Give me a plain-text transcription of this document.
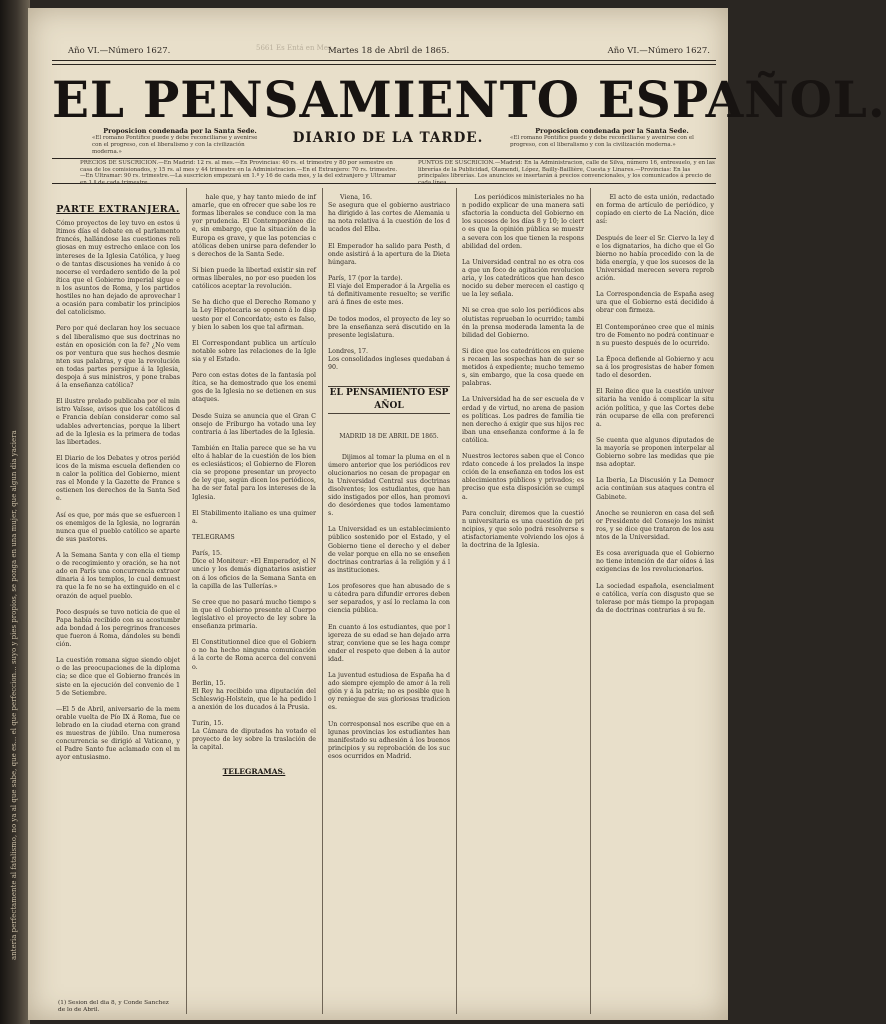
anteria perfectamente al fatalismo, no ya al que sabe, que es... el que perfeccion... suyo y pies propios, se ponga en una mujer, que algun dia yaciera
Año VI.—Número 1627.	5661 Es Entá en Mes....
Martes 18 de Abril de 1865.	Año VI.—Número 1627.
EL PENSAMIENTO ESPAÑOL.
Proposicion condenada por la Santa Sede.
«El romano Pontífice puede y debe reconciliarse y avenirse con el progreso, con el liberalismo y con la civilización moderna.»
DIARIO DE LA TARDE.	Proposicion condenada por la Santa Sede.
«El romano Pontífice puede y debe reconciliarse y avenirse con el progreso, con el liberalismo y con la civilización moderna.»
PRECIOS DE SUSCRICION.—En Madrid: 12 rs. al mes.—En Provincias: 40 rs. el trimestre y 80 por semestre en casa de los comisionados, y 15 rs. al mes y 44 trimestre en la Administracion.—En el Extranjero: 70 rs. trimestre.—En Ultramar: 90 rs. trimestre.—La suscricion empezará en 1.º y 16 de cada mes, y la del extranjero y Ultramar en 1.º de cada trimestre.
PUNTOS DE SUSCRICION.—Madrid: En la Administracion, calle de Silva, número 16, entresuelo, y en las librerías de la Publicidad, Olamendi, López, Bailly-Baillière, Cuesta y Linares.—Provincias: En las principales librerías. Los anuncios se insertarán á precios convencionales, y los comunicados á precio de cada línea.

PARTE EXTRANJERA.
Cómo proyectos de ley tuvo en estos últimos días el debate en el parlamento francés, hallándose las cuestiones religiosas en muy estrecho enlace con los intereses de la Iglesia Católica, y luego de tantas discusiones ha venido á conocerse el verdadero sentido de la política que el Gobierno imperial sigue en los asuntos de Roma, y los partidos hostiles no han dejado de aprovechar la ocasión para combatir los principios del catolicismo.

Pero por qué declaran hoy los secuaces del liberalismo que sus doctrinas no están en oposición con la fe? ¿No vemos por ventura que sus hechos desmienten sus palabras, y que la revolución en todas partes persigue á la Iglesia, despoja á sus ministros, y pone trabas á la enseñanza católica?

El ilustre prelado publicaba por el ministro Vaïsse, avisos que los católicos de Francia debían considerar como saludables advertencias, porque la libertad de la Iglesia es la primera de todas las libertades.

El Diario de los Debates y otros periódicos de la misma escuela defienden con calor la política del Gobierno, mientras el Monde y la Gazette de France sostienen los derechos de la Santa Sede.

Así es que, por más que se esfuercen los enemigos de la Iglesia, no lograrán nunca que el pueblo católico se aparte de sus pastores.

A la Semana Santa y con ella el tiempo de recogimiento y oración, se ha notado en París una concurrencia extraordinaria á los templos, lo cual demuestra que la fe no se ha extinguido en el corazón de aquel pueblo.

Poco después se tuvo noticia de que el Papa había recibido con su acostumbrada bondad á los peregrinos franceses que fueron á Roma, dándoles su bendición.

La cuestión romana sigue siendo objeto de las preocupaciones de la diplomacia; se dice que el Gobierno francés insiste en la ejecución del convenio de 15 de Setiembre.

—El 5 de Abril, aniversario de la memorable vuelta de Pío IX á Roma, fue celebrado en la ciudad eterna con grandes muestras de júbilo. Una numerosa concurrencia se dirigió al Vaticano, y el Padre Santo fue aclamado con el mayor entusiasmo.

(1) Sesion del dia 8, y Conde Sanchez de lo de Abril.

hale que, y hay tanto miedo de infamarle, que en ofrecer que sabe los reformas liberales se conduce con la mayor prudencia. El Contemporáneo dice, sin embargo, que la situación de la Europa es grave, y que las potencias católicas deben unirse para defender los derechos de la Santa Sede.

Si bien puede la libertad existir sin reformas liberales, no por eso pueden los católicos aceptar la revolución.

Se ha dicho que el Derecho Romano y la Ley Hipotecaria se oponen á lo dispuesto por el Concordato; esto es falso, y bien lo saben los que tal afirman.

El Correspondant publica un artículo notable sobre las relaciones de la Iglesia y el Estado.

Pero con estas dotes de la fantasía política, se ha demostrado que los enemigos de la Iglesia no se detienen en sus ataques.

Desde Suiza se anuncia que el Gran Consejo de Friburgo ha votado una ley contraria á las libertades de la Iglesia.

También en Italia parece que se ha vuelto á hablar de la cuestión de los bienes eclesiásticos; el Gobierno de Florencia se propone presentar un proyecto de ley que, según dicen los periódicos, ha de ser fatal para los intereses de la Iglesia.

El Stabilimento italiano es una quimera.

TELEGRAMS

París, 15.
Dice el Moniteur: «El Emperador, el Nuncio y los demás dignatarios asistieron á los oficios de la Semana Santa en la capilla de las Tullerías.»

Se cree que no pasará mucho tiempo sin que el Gobierno presente al Cuerpo legislativo el proyecto de ley sobre la enseñanza primaria.

El Constitutionnel dice que el Gobierno no ha hecho ninguna comunicación á la corte de Roma acerca del convenio.

Berlin, 15.
El Rey ha recibido una diputación del Schleswig-Holstein, que le ha pedido la anexión de los ducados á la Prusia.

Turin, 15.
La Cámara de diputados ha votado el proyecto de ley sobre la traslación de la capital.

TELEGRAMAS.

Viena, 16.
Se asegura que el gobierno austriaco ha dirigido á las cortes de Alemania una nota relativa á la cuestión de los ducados del Elba.

El Emperador ha salido para Pesth, donde asistirá á la apertura de la Dieta húngara.

París, 17 (por la tarde).
El viaje del Emperador á la Argelia está definitivamente resuelto; se verificará á fines de este mes.

De todos modos, el proyecto de ley sobre la enseñanza será discutido en la presente legislatura.

Londres, 17.
Los consolidados ingleses quedaban á 90.

EL PENSAMIENTO ESPAÑOL

MADRID 18 DE ABRIL DE 1865.

Dijimos al tomar la pluma en el número anterior que los periódicos revolucionarios no cesan de propagar en la Universidad Central sus doctrinas disolventes; los estudiantes, que han sido instigados por ellos, han promovido desórdenes que todos lamentamos.

La Universidad es un establecimiento público sostenido por el Estado, y el Gobierno tiene el derecho y el deber de velar porque en ella no se enseñen doctrinas contrarias á la religión y á las instituciones.

Los profesores que han abusado de su cátedra para difundir errores deben ser separados, y así lo reclama la conciencia pública.

En cuanto á los estudiantes, que por ligereza de su edad se han dejado arrastrar, conviene que se les haga comprender el respeto que deben á la autoridad.

La juventud estudiosa de España ha dado siempre ejemplo de amor á la religión y á la patria; no es posible que hoy reniegue de sus gloriosas tradiciones.

Un corresponsal nos escribe que en algunas provincias los estudiantes han manifestado su adhesión á los buenos principios y su reprobación de los sucesos ocurridos en Madrid.

Los periódicos ministeriales no han podido explicar de una manera satisfactoria la conducta del Gobierno en los sucesos de los días 8 y 10; lo cierto es que la opinión pública se muestra severa con los que tienen la responsabilidad del orden.

La Universidad central no es otra cosa que un foco de agitación revolucionaria, y los catedráticos que han desconocido su deber merecen el castigo que la ley señala.

Ni se crea que solo los periódicos absolutistas reprueban lo ocurrido; también la prensa moderada lamenta la debilidad del Gobierno.

Si dice que los catedráticos en quienes recaen las sospechas han de ser sometidos á expediente; mucho tememos, sin embargo, que la cosa quede en palabras.

La Universidad ha de ser escuela de verdad y de virtud, no arena de pasiones políticas. Los padres de familia tienen derecho á exigir que sus hijos reciban una enseñanza conforme á la fe católica.

Nuestros lectores saben que el Concordato concede á los prelados la inspección de la enseñanza en todos los establecimientos públicos y privados; es preciso que esta disposición se cumpla.

Para concluir, diremos que la cuestión universitaria es una cuestión de principios, y que solo podrá resolverse satisfactoriamente volviendo los ojos á la doctrina de la Iglesia.

El acto de esta unión, redactado en forma de artículo de periódico, y copiado en cierto de La Nación, dice así:

Después de leer el Sr. Ciervo la ley de los dignatarios, ha dicho que el Gobierno no había procedido con la debida energía, y que los sucesos de la Universidad merecen severa reprobación.

La Correspondencia de España asegura que el Gobierno está decidido á obrar con firmeza.

El Contemporáneo cree que el ministro de Fomento no podrá continuar en su puesto después de lo ocurrido.

La Época defiende al Gobierno y acusa á los progresistas de haber fomentado el desorden.

El Reino dice que la cuestión universitaria ha venido á complicar la situación política, y que las Cortes deberán ocuparse de ella con preferencia.

Se cuenta que algunos diputados de la mayoría se proponen interpelar al Gobierno sobre las medidas que piensa adoptar.

La Iberia, La Discusión y La Democracia continúan sus ataques contra el Gabinete.

Anoche se reunieron en casa del señor Presidente del Consejo los ministros, y se dice que trataron de los asuntos de la Universidad.

Es cosa averiguada que el Gobierno no tiene intención de dar oídos á las exigencias de los revolucionarios.

La sociedad española, esencialmente católica, vería con disgusto que se tolerase por más tiempo la propaganda de doctrinas contrarias á su fe.
